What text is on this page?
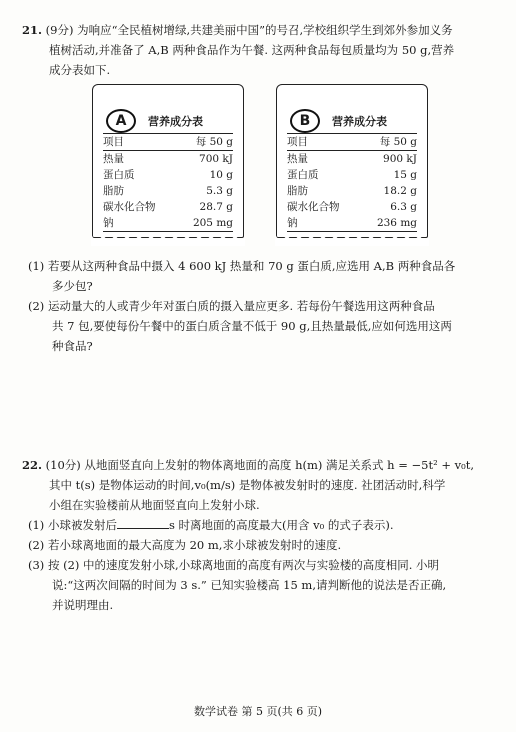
21. (9分) 为响应“全民植树增绿,共建美丽中国”的号召,学校组织学生到郊外参加义务
植树活动,并准备了 A,B 两种食品作为午餐. 这两种食品每包质量均为 50 g,营养
成分表如下.
A	营养成分表
项目	每 50 g
热量	700 kJ
蛋白质	10 g
脂肪	5.3 g
碳水化合物	28.7 g
钠	205 mg
B	营养成分表
项目	每 50 g
热量	900 kJ
蛋白质	15 g
脂肪	18.2 g
碳水化合物	6.3 g
钠	236 mg
(1) 若要从这两种食品中摄入 4 600 kJ 热量和 70 g 蛋白质,应选用 A,B 两种食品各
多少包?
(2) 运动量大的人或青少年对蛋白质的摄入量应更多. 若每份午餐选用这两种食品
共 7 包,要使每份午餐中的蛋白质含量不低于 90 g,且热量最低,应如何选用这两
种食品?
22. (10分) 从地面竖直向上发射的物体离地面的高度 h(m) 满足关系式 h = −5t² + v₀t,
其中 t(s) 是物体运动的时间,v₀(m/s) 是物体被发射时的速度. 社团活动时,科学
小组在实验楼前从地面竖直向上发射小球.
(1) 小球被发射后	s 时离地面的高度最大(用含 v₀ 的式子表示).
(2) 若小球离地面的最大高度为 20 m,求小球被发射时的速度.
(3) 按 (2) 中的速度发射小球,小球离地面的高度有两次与实验楼的高度相同. 小明
说:“这两次间隔的时间为 3 s.” 已知实验楼高 15 m,请判断他的说法是否正确,
并说明理由.
数学试卷 第 5 页(共 6 页)
